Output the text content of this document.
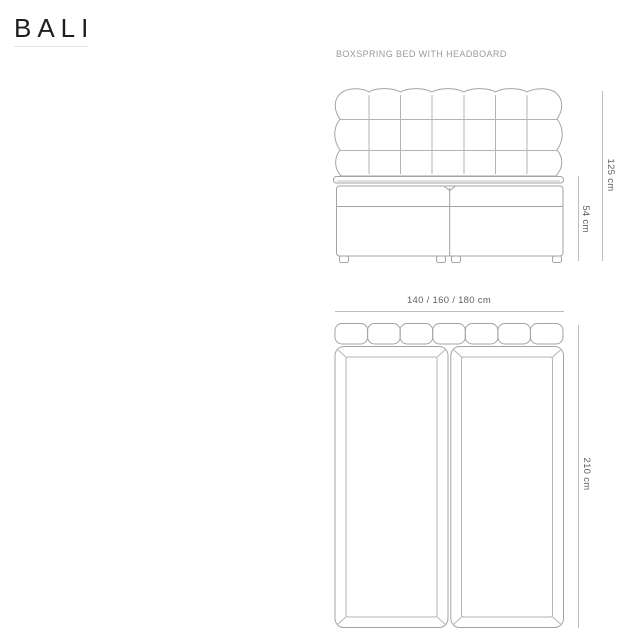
BALI
BOXSPRING BED WITH HEADBOARD
125 cm
54 cm
140 / 160 / 180 cm
210 cm
